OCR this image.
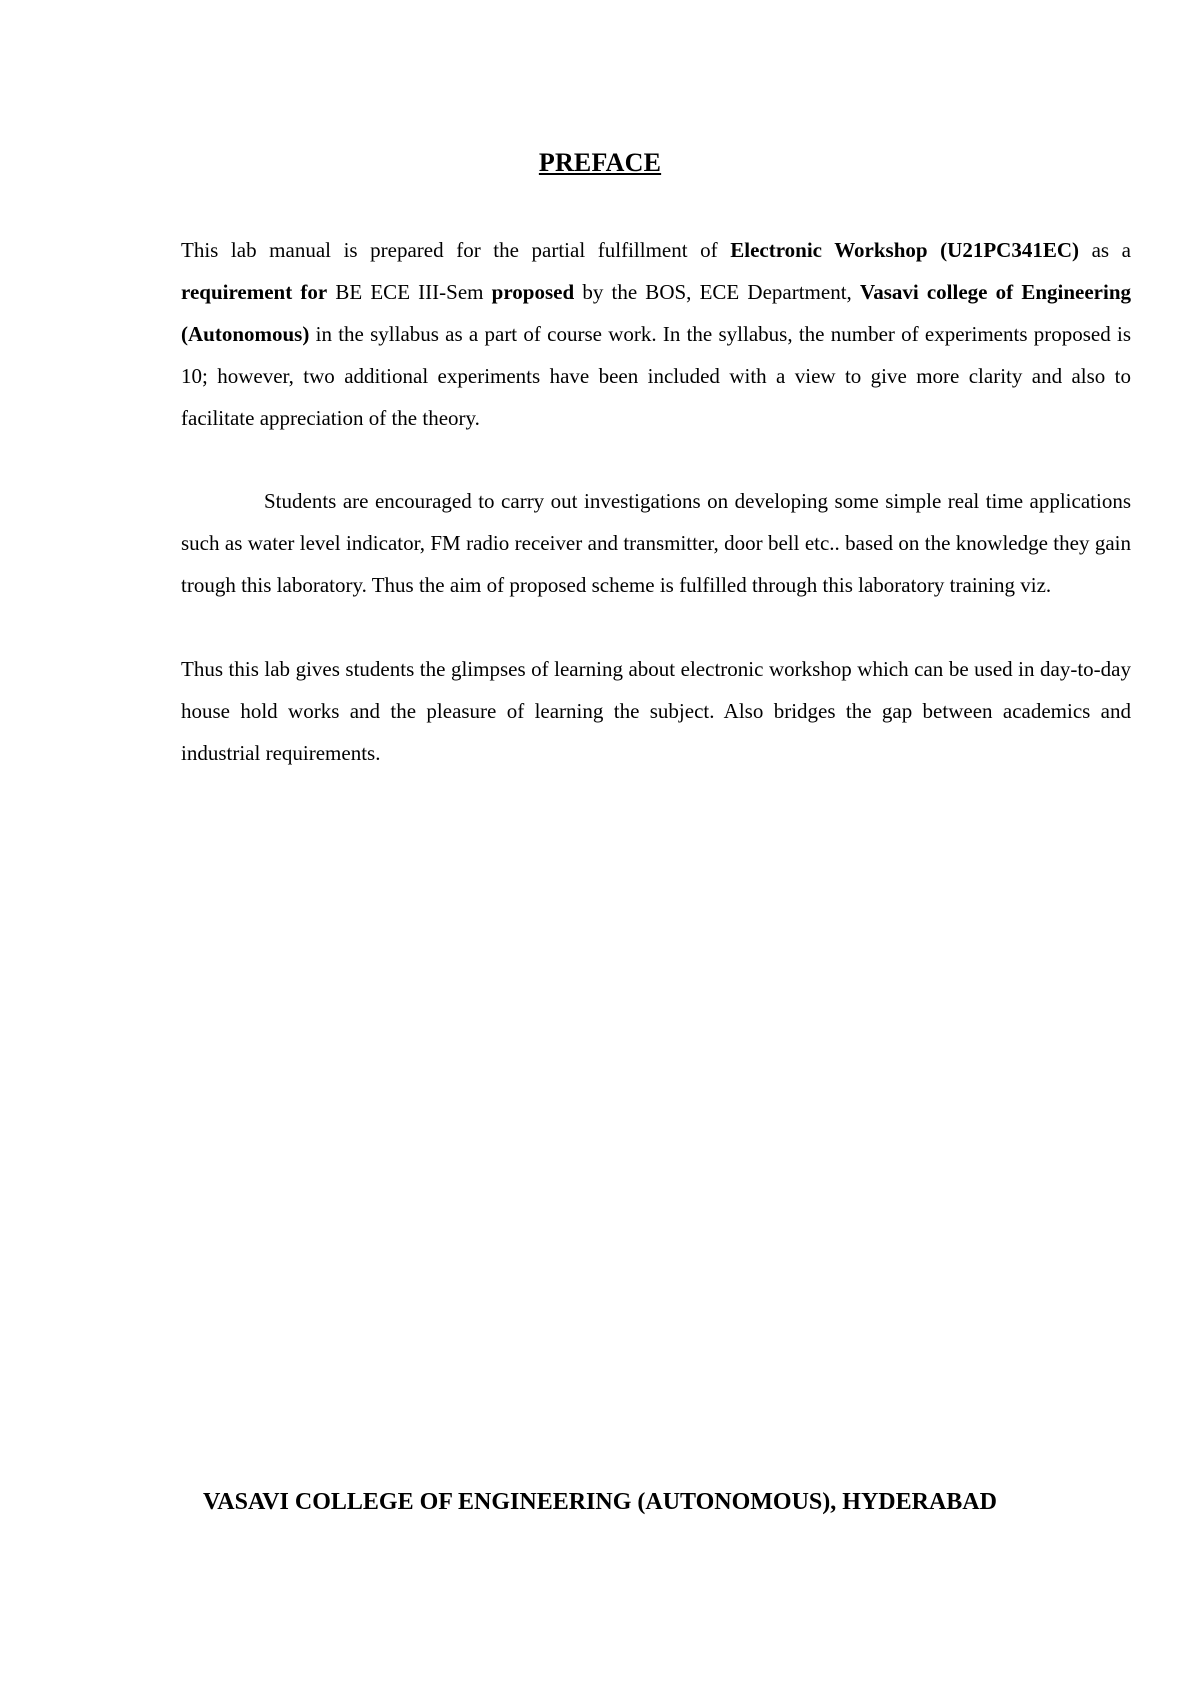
PREFACE

This lab manual is prepared for the partial fulfillment of Electronic Workshop (U21PC341EC) as a requirement for BE ECE III-Sem proposed by the BOS, ECE Department, Vasavi college of Engineering (Autonomous) in the syllabus as a part of course work. In the syllabus, the number of experiments proposed is 10; however, two additional experiments have been included with a view to give more clarity and also to facilitate appreciation of the theory.

Students are encouraged to carry out investigations on developing some simple real time applications such as water level indicator, FM radio receiver and transmitter, door bell etc.. based on the knowledge they gain trough this laboratory. Thus the aim of proposed scheme is fulfilled through this laboratory training viz.

Thus this lab gives students the glimpses of learning about electronic workshop which can be used in day-to-day house hold works and the pleasure of learning the subject. Also bridges the gap between academics and industrial requirements.

VASAVI COLLEGE OF ENGINEERING (AUTONOMOUS), HYDERABAD
